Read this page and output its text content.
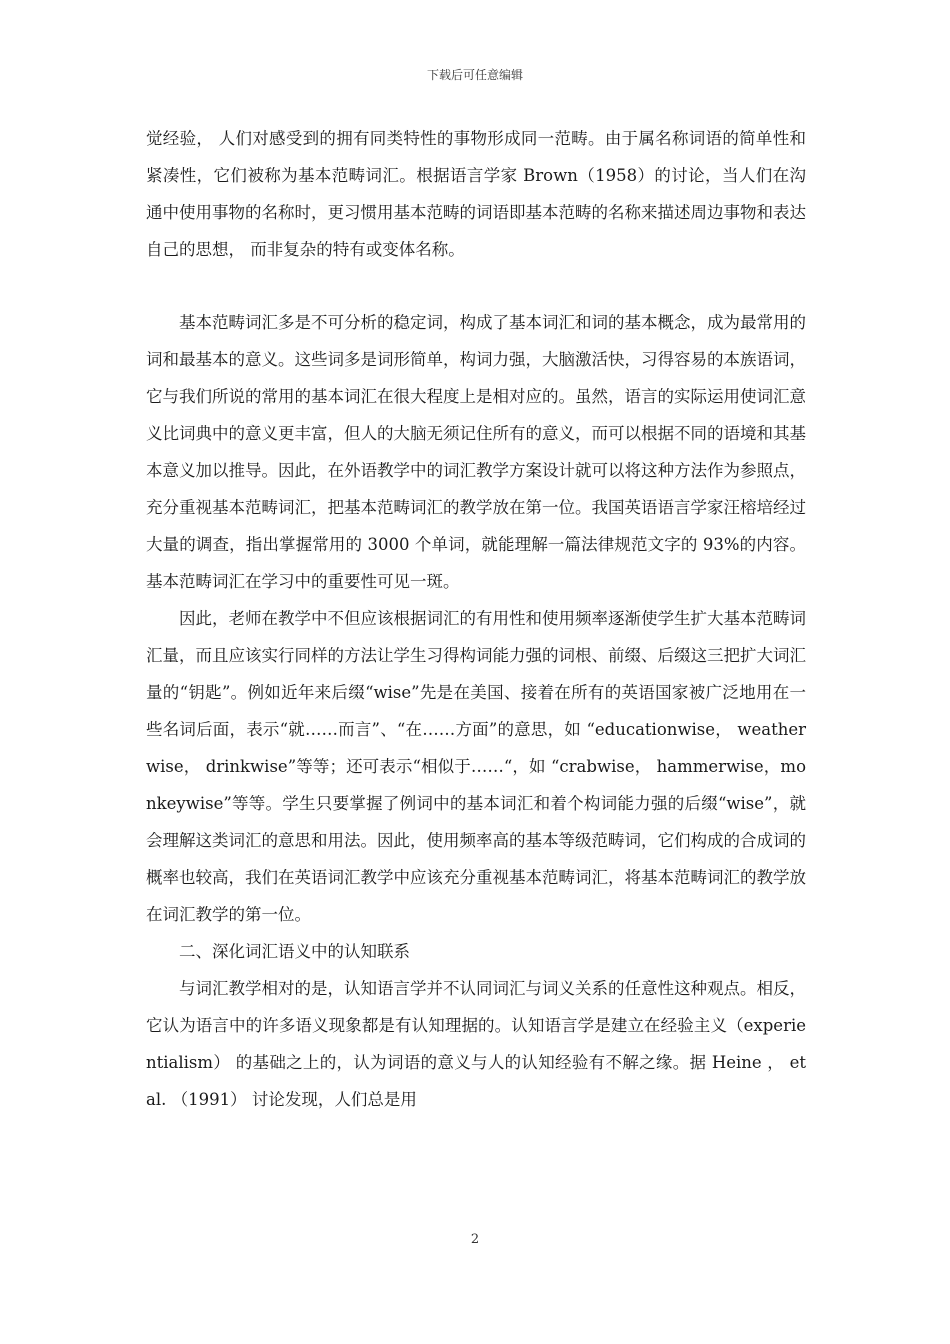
下载后可任意编辑

觉经验， 人们对感受到的拥有同类特性的事物形成同一范畴。由于属名称词语的简单性和紧凑性，它们被称为基本范畴词汇。根据语言学家 Brown（1958）的讨论，当人们在沟通中使用事物的名称时，更习惯用基本范畴的词语即基本范畴的名称来描述周边事物和表达自己的思想， 而非复杂的特有或变体名称。

基本范畴词汇多是不可分析的稳定词，构成了基本词汇和词的基本概念，成为最常用的词和最基本的意义。这些词多是词形简单，构词力强，大脑激活快，习得容易的本族语词，它与我们所说的常用的基本词汇在很大程度上是相对应的。虽然，语言的实际运用使词汇意义比词典中的意义更丰富，但人的大脑无须记住所有的意义，而可以根据不同的语境和其基本意义加以推导。因此，在外语教学中的词汇教学方案设计就可以将这种方法作为参照点，充分重视基本范畴词汇，把基本范畴词汇的教学放在第一位。我国英语语言学家汪榕培经过大量的调查，指出掌握常用的 3000 个单词，就能理解一篇法律规范文字的 93%的内容。基本范畴词汇在学习中的重要性可见一斑。

因此，老师在教学中不但应该根据词汇的有用性和使用频率逐渐使学生扩大基本范畴词汇量，而且应该实行同样的方法让学生习得构词能力强的词根、前缀、后缀这三把扩大词汇量的“钥匙”。例如近年来后缀“wise”先是在美国、接着在所有的英语国家被广泛地用在一些名词后面，表示“就……而言”、“在……方面”的意思，如 “educationwise， weatherwise， drinkwise”等等；还可表示“相似于……“，如 “crabwise， hammerwise，monkeywise”等等。学生只要掌握了例词中的基本词汇和着个构词能力强的后缀“wise”，就会理解这类词汇的意思和用法。因此，使用频率高的基本等级范畴词，它们构成的合成词的概率也较高，我们在英语词汇教学中应该充分重视基本范畴词汇，将基本范畴词汇的教学放在词汇教学的第一位。

二、深化词汇语义中的认知联系

与词汇教学相对的是，认知语言学并不认同词汇与词义关系的任意性这种观点。相反，它认为语言中的许多语义现象都是有认知理据的。认知语言学是建立在经验主义（experientialism） 的基础之上的，认为词语的意义与人的认知经验有不解之缘。据 Heine ， et al. （1991） 讨论发现，人们总是用

2
